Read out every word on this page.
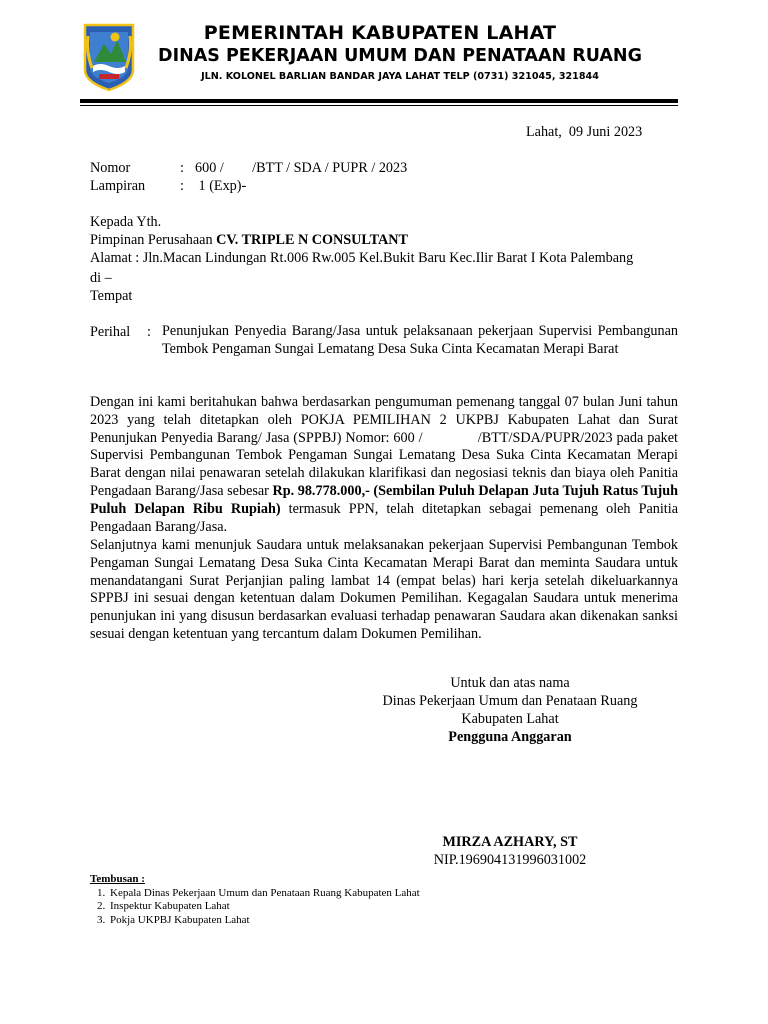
PEMERINTAH KABUPATEN LAHAT
DINAS PEKERJAAN UMUM DAN PENATAAN RUANG
JLN. KOLONEL BARLIAN BANDAR JAYA LAHAT TELP (0731) 321045, 321844
Lahat,  09 Juni 2023
Nomor	: 600 /        /BTT / SDA / PUPR / 2023
Lampiran : 1 (Exp)-
Kepada Yth.
Pimpinan Perusahaan CV. TRIPLE N CONSULTANT
Alamat : Jln.Macan Lindungan Rt.006 Rw.005 Kel.Bukit Baru Kec.Ilir Barat I Kota Palembang
di –
Tempat
Perihal : Penunjukan Penyedia Barang/Jasa untuk pelaksanaan pekerjaan Supervisi Pembangunan Tembok Pengaman Sungai Lematang Desa Suka Cinta Kecamatan Merapi Barat
Dengan ini kami beritahukan bahwa berdasarkan pengumuman pemenang tanggal 07 bulan Juni tahun 2023 yang telah ditetapkan oleh POKJA PEMILIHAN 2 UKPBJ Kabupaten Lahat dan Surat Penunjukan Penyedia Barang/ Jasa (SPPBJ) Nomor: 600 /              /BTT/SDA/PUPR/2023 pada paket Supervisi Pembangunan Tembok Pengaman Sungai Lematang Desa Suka Cinta Kecamatan Merapi Barat dengan nilai penawaran setelah dilakukan klarifikasi dan negosiasi teknis dan biaya oleh Panitia Pengadaan Barang/Jasa sebesar Rp. 98.778.000,- (Sembilan Puluh Delapan Juta Tujuh Ratus Tujuh Puluh Delapan Ribu Rupiah) termasuk PPN, telah ditetapkan sebagai pemenang oleh Panitia Pengadaan Barang/Jasa.
Selanjutnya kami menunjuk Saudara untuk melaksanakan pekerjaan Supervisi Pembangunan Tembok Pengaman Sungai Lematang Desa Suka Cinta Kecamatan Merapi Barat dan meminta Saudara untuk menandatangani Surat Perjanjian paling lambat 14 (empat belas) hari kerja setelah dikeluarkannya SPPBJ ini sesuai dengan ketentuan dalam Dokumen Pemilihan. Kegagalan Saudara untuk menerima penunjukan ini yang disusun berdasarkan evaluasi terhadap penawaran Saudara akan dikenakan sanksi sesuai dengan ketentuan yang tercantum dalam Dokumen Pemilihan.
Untuk dan atas nama
Dinas Pekerjaan Umum dan Penataan Ruang
Kabupaten Lahat
Pengguna Anggaran
MIRZA AZHARY, ST
NIP.196904131996031002
Tembusan :
1. Kepala Dinas Pekerjaan Umum dan Penataan Ruang Kabupaten Lahat
2. Inspektur Kabupaten Lahat
3. Pokja UKPBJ Kabupaten Lahat
